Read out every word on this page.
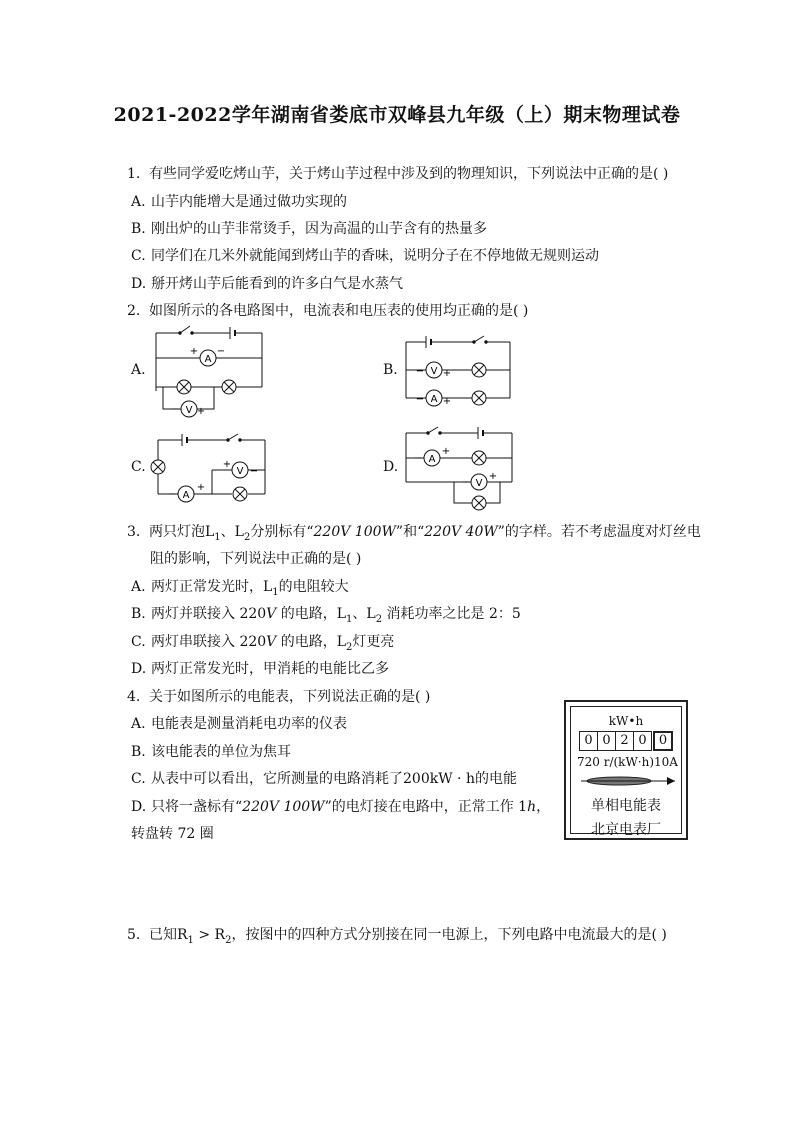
2021-2022学年湖南省娄底市双峰县九年级（上）期末物理试卷
1. 有些同学爱吃烤山芋，关于烤山芋过程中涉及到的物理知识，下列说法中正确的是( )
A. 山芋内能增大是通过做功实现的
B. 刚出炉的山芋非常烫手，因为高温的山芋含有的热量多
C. 同学们在几米外就能闻到烤山芋的香味，说明分子在不停地做无规则运动
D. 掰开烤山芋后能看到的许多白气是水蒸气
2. 如图所示的各电路图中，电流表和电压表的使用均正确的是( )
A.	B.
C.	D.
A
+ −
V
− +
V
− +
A
− +
V
+
−
A
−
+
A
−
+
V
−
+
3. 两只灯泡$L_1$、$L_2$分别标有“220V 100W”和“220V 40W”的字样。若不考虑温度对灯丝电
阻的影响，下列说法中正确的是( )
A. 两灯正常发光时，$L_1$的电阻较大
B. 两灯并联接入 220V 的电路，$L_1$、$L_2$ 消耗功率之比是 2：5
C. 两灯串联接入 220V 的电路，$L_2$灯更亮
D. 两灯正常发光时，甲消耗的电能比乙多
4. 关于如图所示的电能表，下列说法正确的是( )
A. 电能表是测量消耗电功率的仪表
B. 该电能表的单位为焦耳
C. 从表中可以看出，它所测量的电路消耗了200kW · h的电能
D. 只将一盏标有“220V 100W”的电灯接在电路中，正常工作 1h，
转盘转 72 圈
kW•h
0 0 2 0 0
720 r/(kW·h)10A
单相电能表
北京电表厂
5. 已知$R_1 > R_2$，按图中的四种方式分别接在同一电源上，下列电路中电流最大的是( )
